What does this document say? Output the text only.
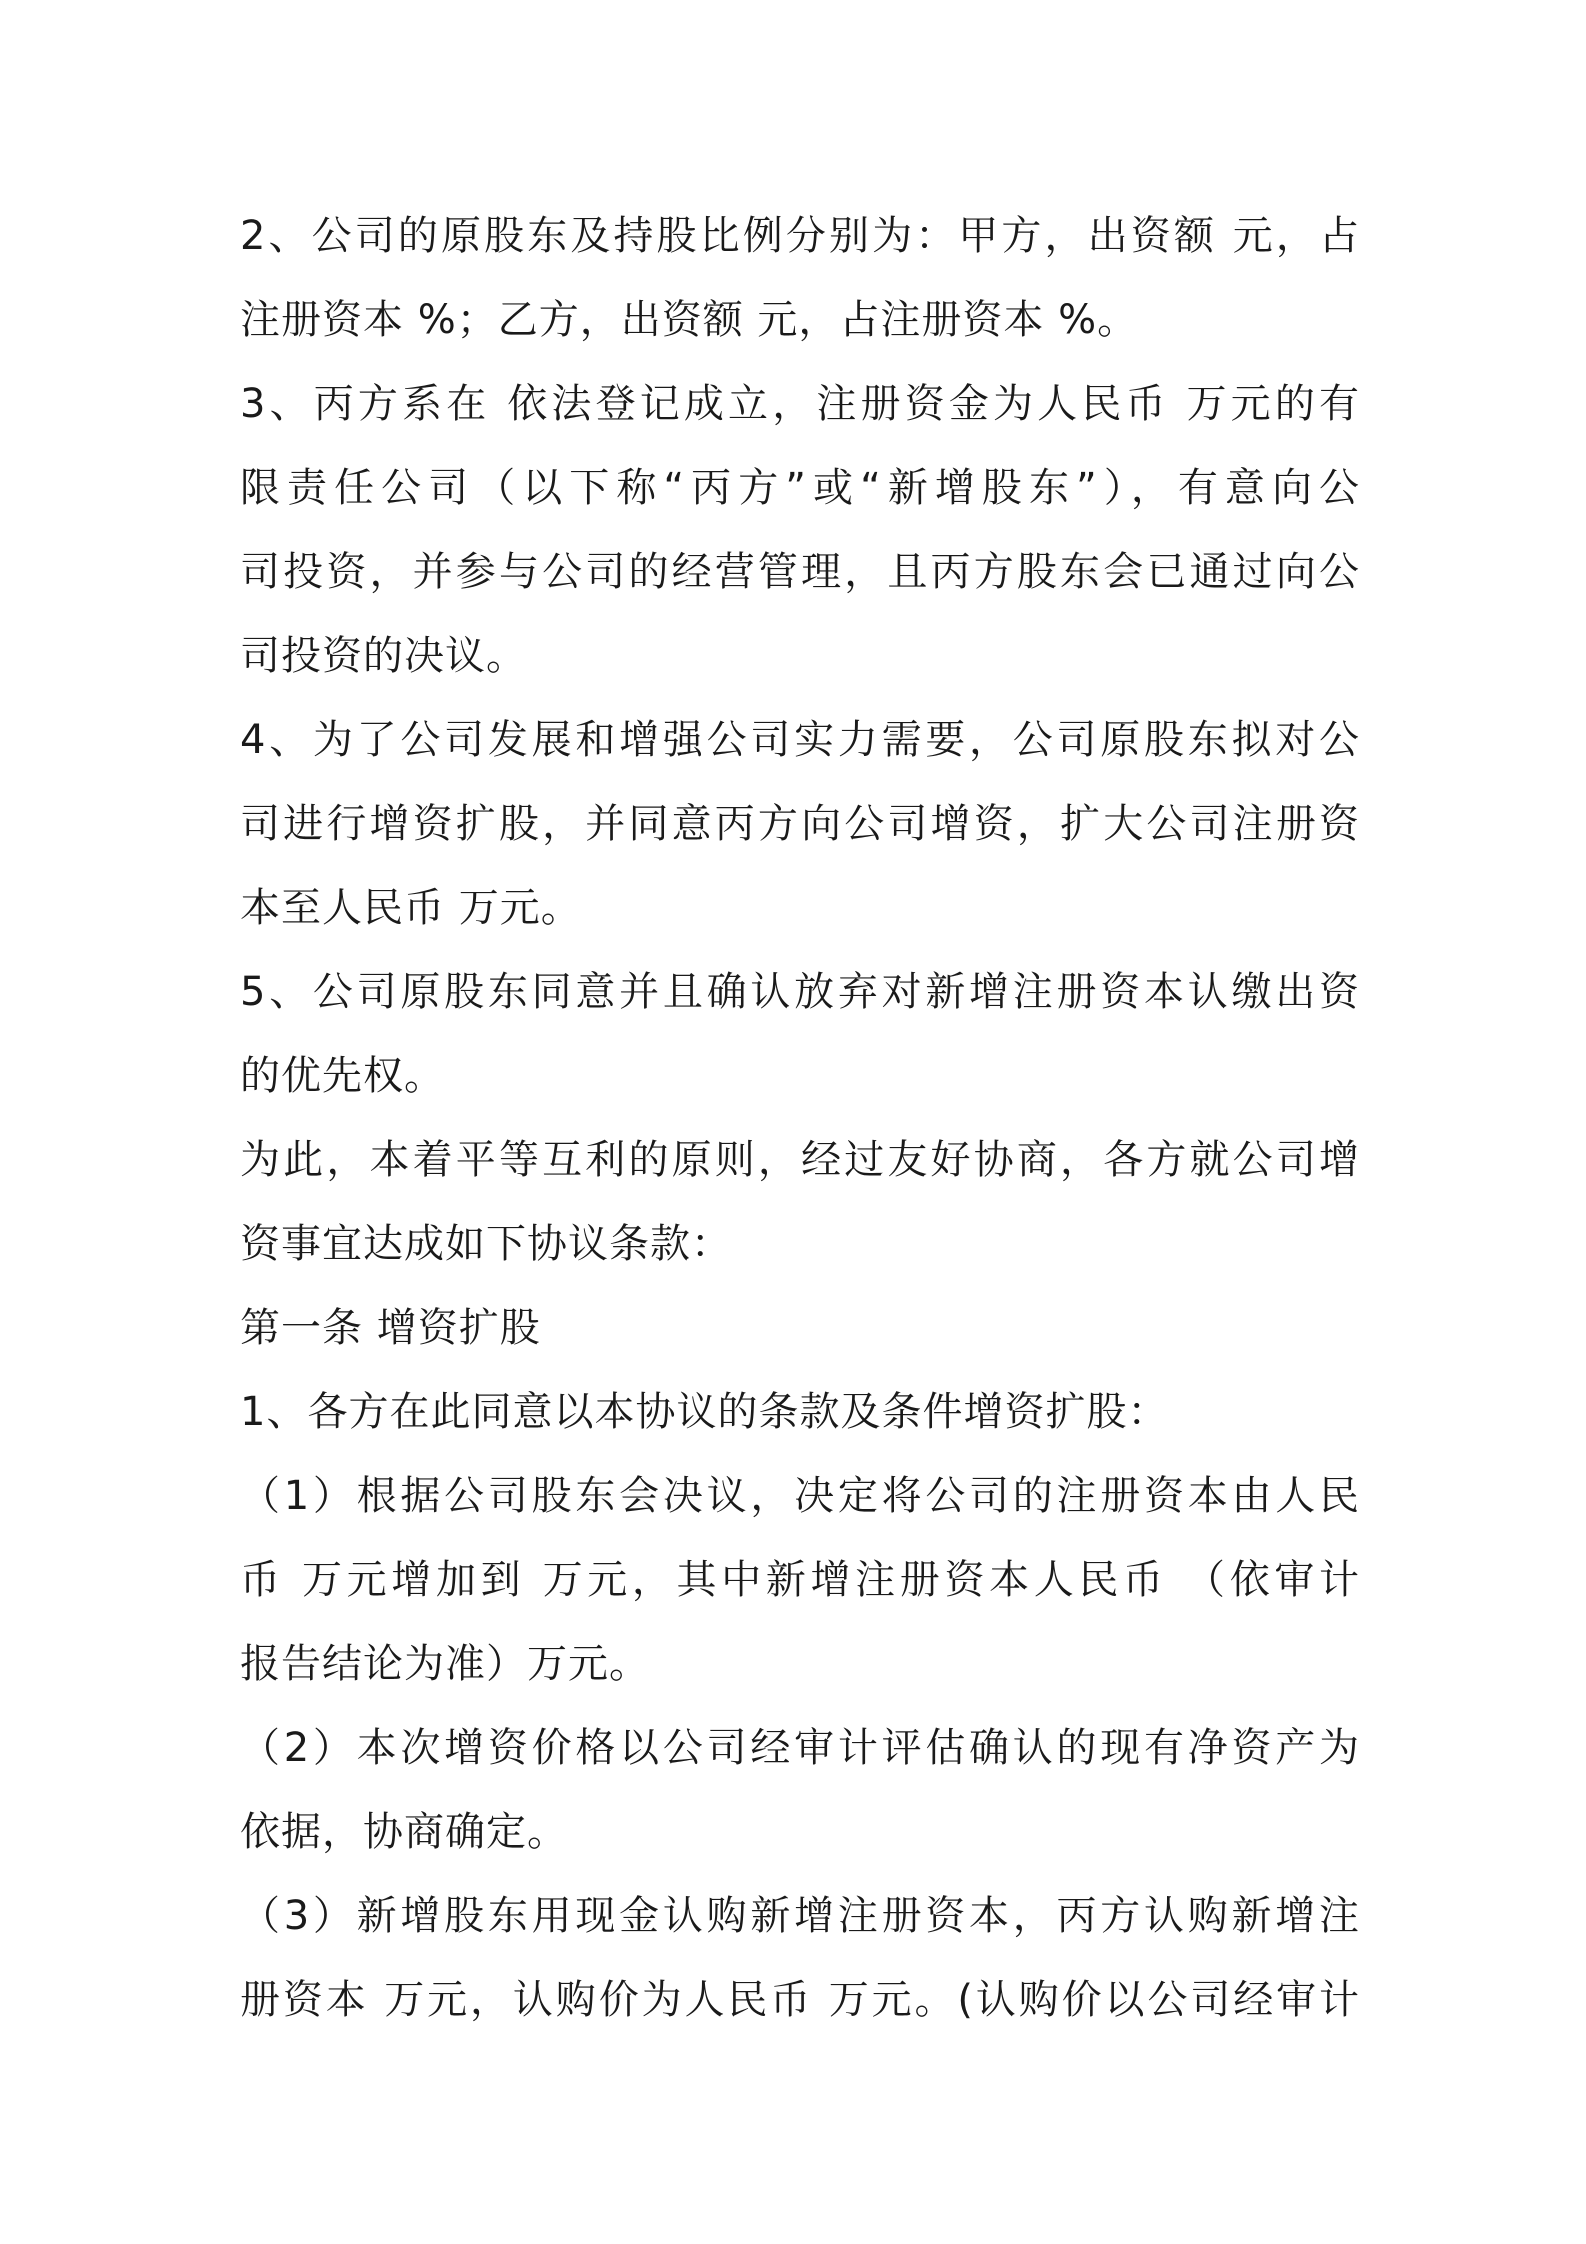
2、公司的原股东及持股比例分别为：甲方，出资额 元，占
注册资本 %；乙方，出资额 元，占注册资本 %。
3、丙方系在 依法登记成立，注册资金为人民币 万元的有
限责任公司（以下称“丙方”或“新增股东”），有意向公
司投资，并参与公司的经营管理，且丙方股东会已通过向公
司投资的决议。
4、为了公司发展和增强公司实力需要，公司原股东拟对公
司进行增资扩股，并同意丙方向公司增资，扩大公司注册资
本至人民币 万元。
5、公司原股东同意并且确认放弃对新增注册资本认缴出资
的优先权。
为此，本着平等互利的原则，经过友好协商，各方就公司增
资事宜达成如下协议条款：
第一条 增资扩股
1、各方在此同意以本协议的条款及条件增资扩股：
（1）根据公司股东会决议，决定将公司的注册资本由人民
币 万元增加到 万元，其中新增注册资本人民币 （依审计
报告结论为准）万元。
（2）本次增资价格以公司经审计评估确认的现有净资产为
依据，协商确定。
（3）新增股东用现金认购新增注册资本，丙方认购新增注
册资本 万元，认购价为人民币 万元。(认购价以公司经审计
